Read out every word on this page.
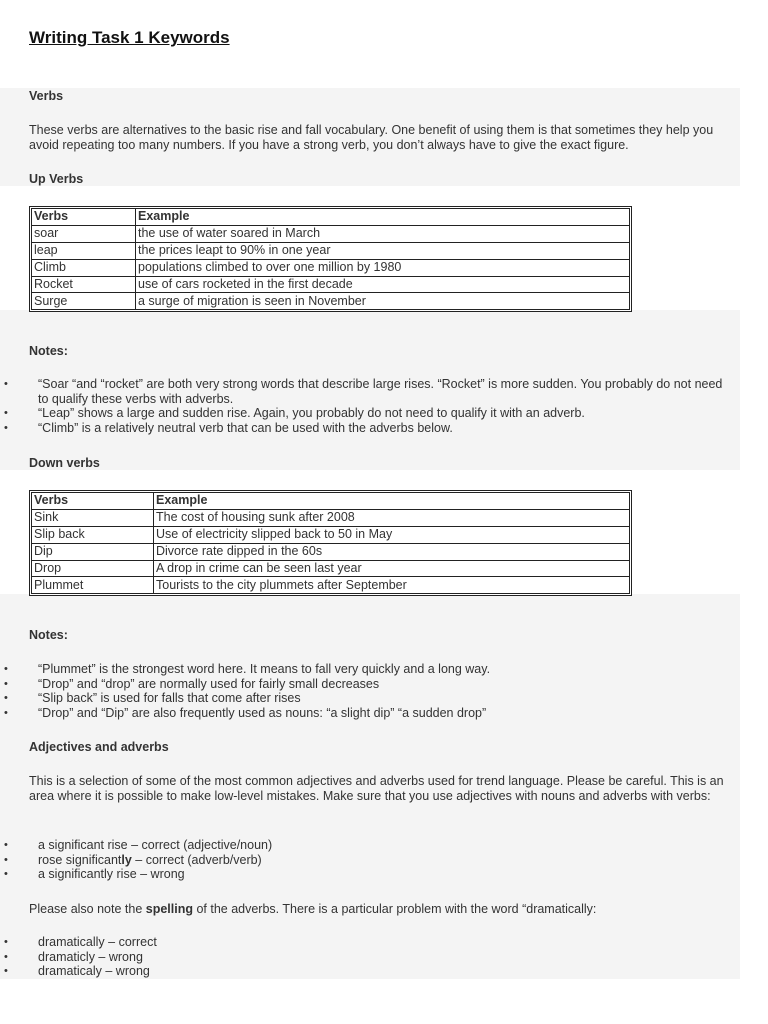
Writing Task 1 Keywords

Verbs

These verbs are alternatives to the basic rise and fall vocabulary. One benefit of using them is that sometimes they help you avoid repeating too many numbers. If you have a strong verb, you don’t always have to give the exact figure.

Up Verbs

Verbs	Example
soar	the use of water soared in March
leap	the prices leapt to 90% in one year
Climb	populations climbed to over one million by 1980
Rocket	use of cars rocketed in the first decade
Surge	a surge of migration is seen in November

Notes:

• “Soar “and “rocket” are both very strong words that describe large rises. “Rocket” is more sudden. You probably do not need to qualify these verbs with adverbs.
• “Leap” shows a large and sudden rise. Again, you probably do not need to qualify it with an adverb.
• “Climb” is a relatively neutral verb that can be used with the adverbs below.

Down verbs

Verbs	Example
Sink	The cost of housing sunk after 2008
Slip back	Use of electricity slipped back to 50 in May
Dip	Divorce rate dipped in the 60s
Drop	A drop in crime can be seen last year
Plummet	Tourists to the city plummets after September

Notes:

• “Plummet” is the strongest word here. It means to fall very quickly and a long way.
• “Drop” and “drop” are normally used for fairly small decreases
• “Slip back” is used for falls that come after rises
• “Drop” and “Dip” are also frequently used as nouns: “a slight dip” “a sudden drop”

Adjectives and adverbs

This is a selection of some of the most common adjectives and adverbs used for trend language. Please be careful. This is an area where it is possible to make low-level mistakes. Make sure that you use adjectives with nouns and adverbs with verbs:

• a significant rise – correct (adjective/noun)
• rose significantly – correct (adverb/verb)
• a significantly rise – wrong

Please also note the spelling of the adverbs. There is a particular problem with the word “dramatically:

• dramatically – correct
• dramaticly – wrong
• dramaticaly – wrong
